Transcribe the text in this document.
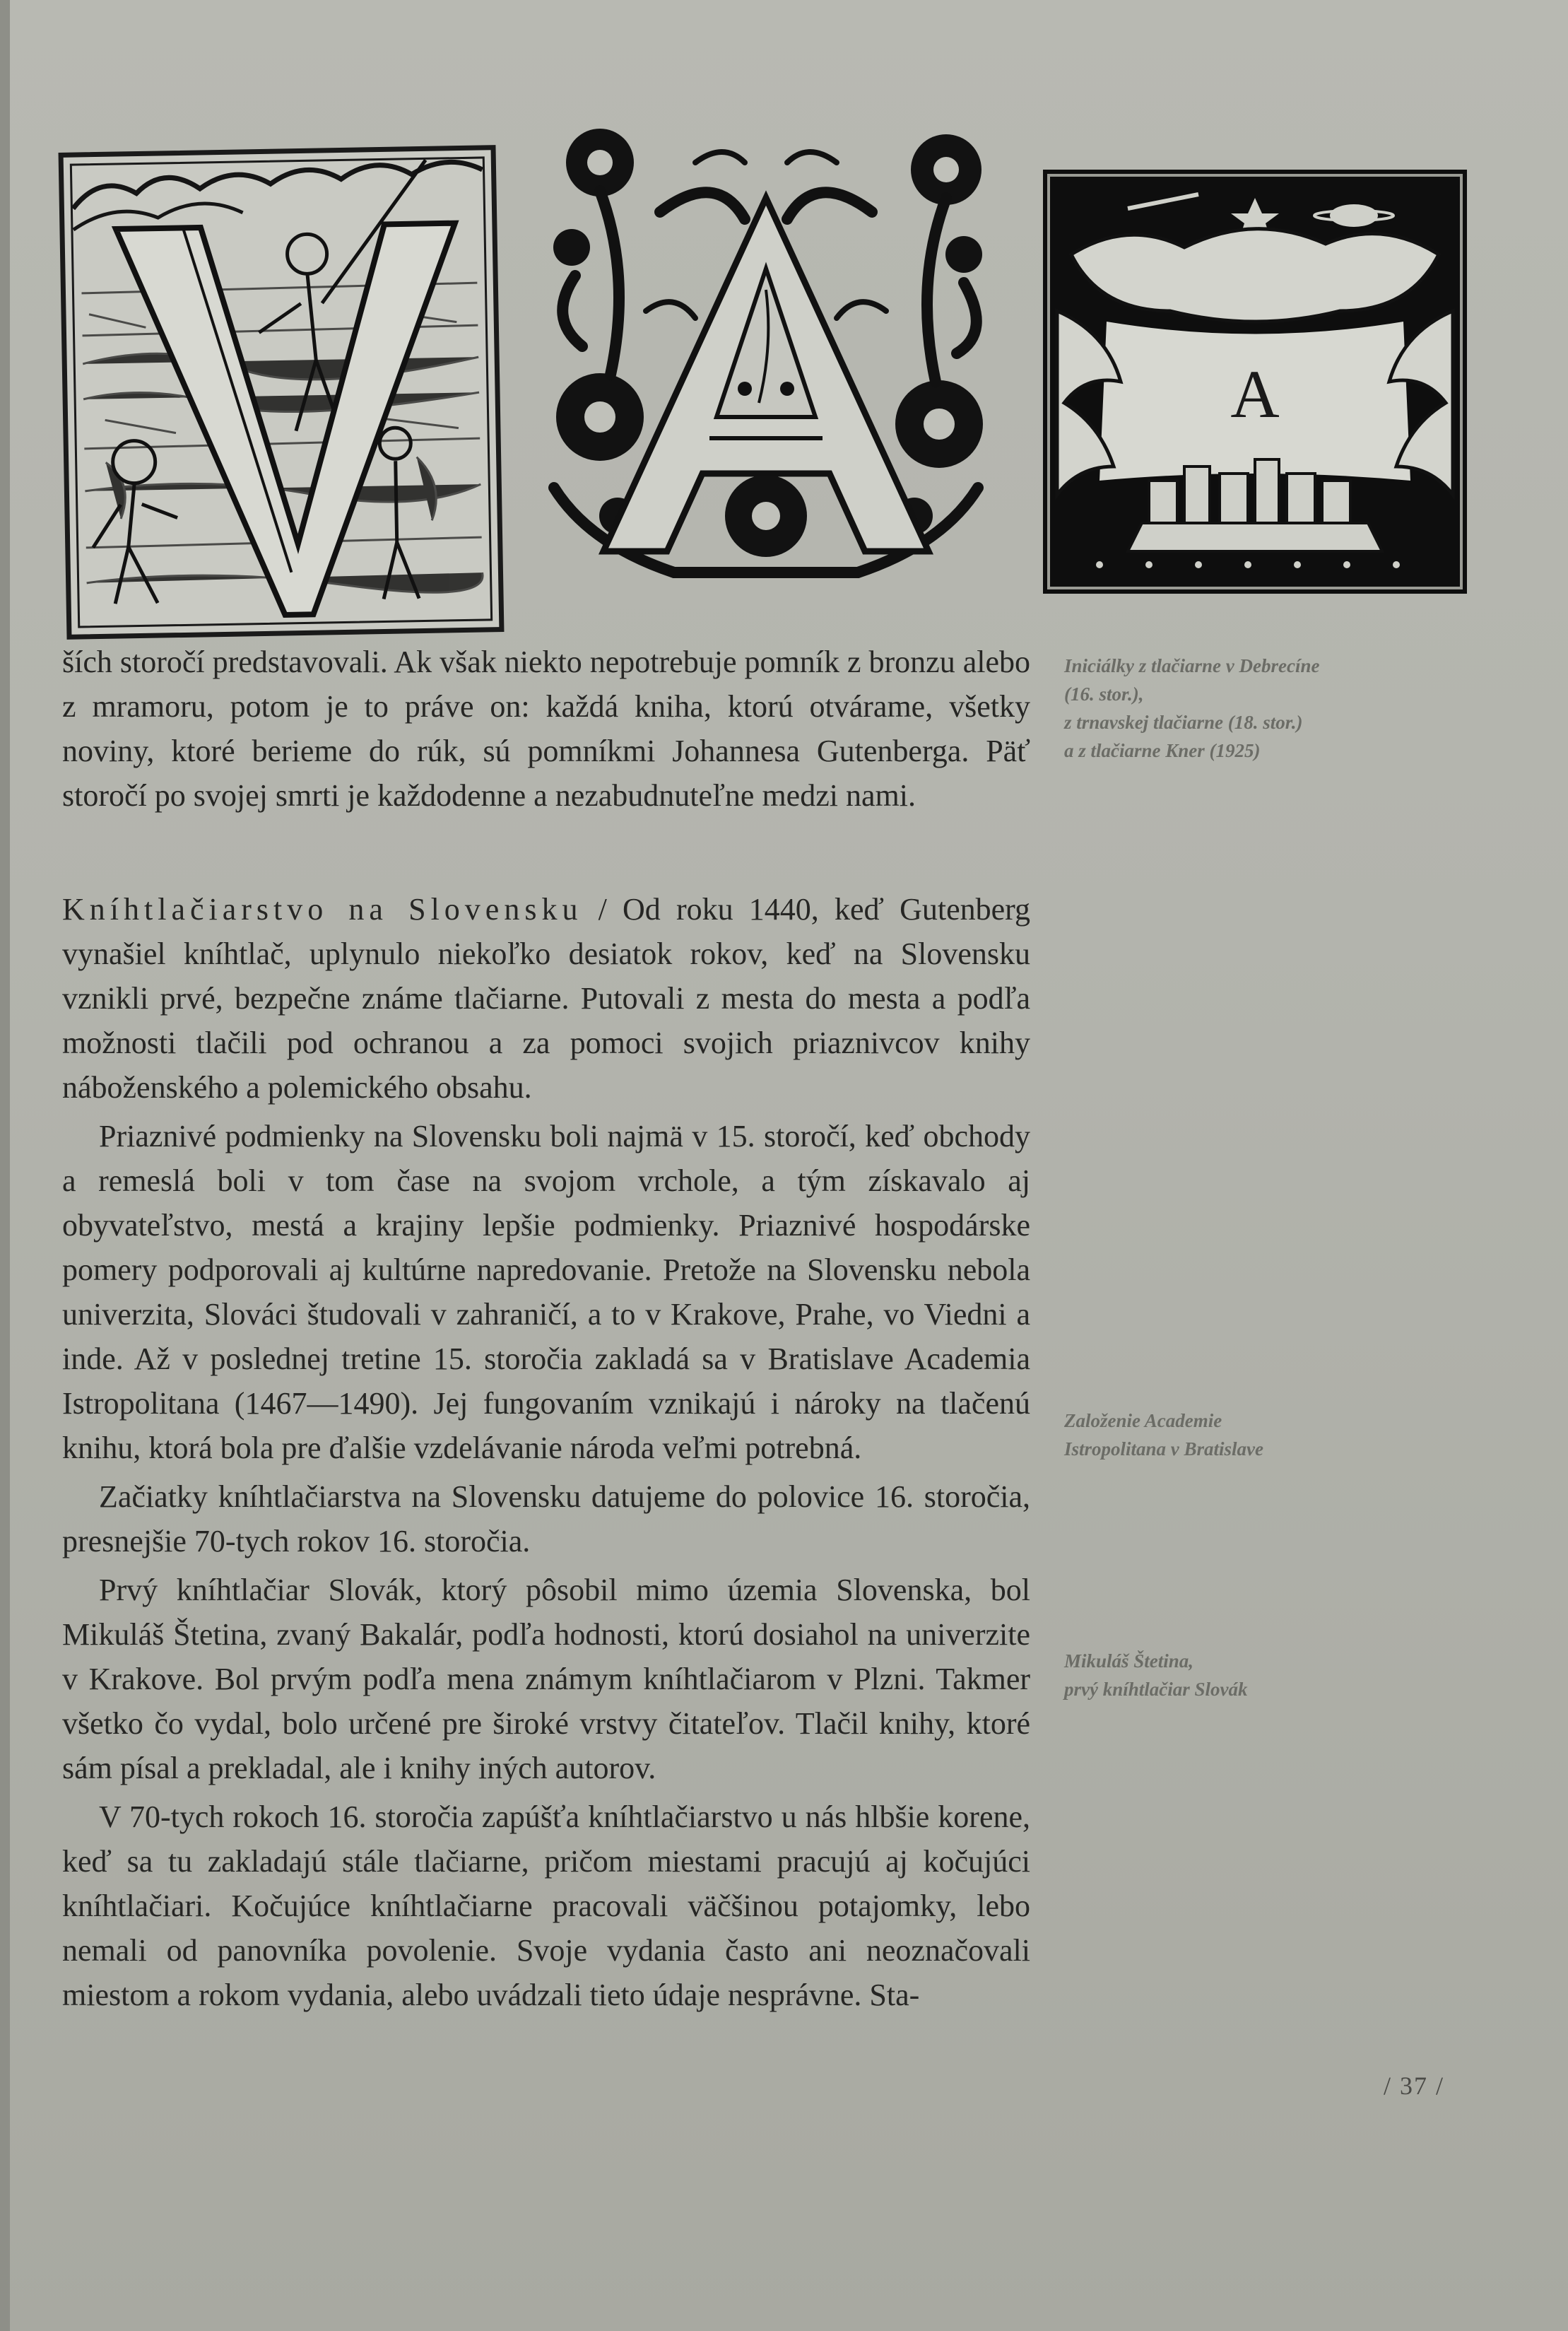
A

ších storočí predstavovali. Ak však niekto nepotrebuje pomník z bronzu alebo z mramoru, potom je to práve on: každá kniha, ktorú otvárame, všetky noviny, ktoré berieme do rúk, sú pomníkmi Johannesa Gutenberga. Päť storočí po svojej smrti je každodenne a nezabudnuteľne medzi nami.

Kníhtlačiarstvo na Slovensku / Od roku 1440, keď Gutenberg vynašiel kníhtlač, uplynulo niekoľko desiatok rokov, keď na Slovensku vznikli prvé, bezpečne známe tlačiarne. Putovali z mesta do mesta a podľa možnosti tlačili pod ochranou a za pomoci svojich priaznivcov knihy náboženského a polemického obsahu.

Priaznivé podmienky na Slovensku boli najmä v 15. storočí, keď obchody a remeslá boli v tom čase na svojom vrchole, a tým získavalo aj obyvateľstvo, mestá a krajiny lepšie podmienky. Priaznivé hospodárske pomery podporovali aj kultúrne napredovanie. Pretože na Slovensku nebola univerzita, Slováci študovali v zahraničí, a to v Krakove, Prahe, vo Viedni a inde. Až v poslednej tretine 15. storočia zakladá sa v Bratislave Academia Istropolitana (1467—1490). Jej fungovaním vznikajú i nároky na tlačenú knihu, ktorá bola pre ďalšie vzdelávanie národa veľmi potrebná.

Začiatky kníhtlačiarstva na Slovensku datujeme do polovice 16. storočia, presnejšie 70-tych rokov 16. storočia.

Prvý kníhtlačiar Slovák, ktorý pôsobil mimo územia Slovenska, bol Mikuláš Štetina, zvaný Bakalár, podľa hodnosti, ktorú dosiahol na univerzite v Krakove. Bol prvým podľa mena známym kníhtlačiarom v Plzni. Takmer všetko čo vydal, bolo určené pre široké vrstvy čitateľov. Tlačil knihy, ktoré sám písal a prekladal, ale i knihy iných autorov.

V 70-tych rokoch 16. storočia zapúšťa kníhtlačiarstvo u nás hlbšie korene, keď sa tu zakladajú stále tlačiarne, pričom miestami pracujú aj kočujúci kníhtlačiari. Kočujúce kníhtlačiarne pracovali väčšinou potajomky, lebo nemali od panovníka povolenie. Svoje vydania často ani neoznačovali miestom a rokom vydania, alebo uvádzali tieto údaje nesprávne. Sta-

Iniciálky z tlačiarne v Debrecíne
(16. stor.),
z trnavskej tlačiarne (18. stor.)
a z tlačiarne Kner (1925)
Založenie Academie
Istropolitana v Bratislave
Mikuláš Štetina,
prvý kníhtlačiar Slovák
/ 37 /
